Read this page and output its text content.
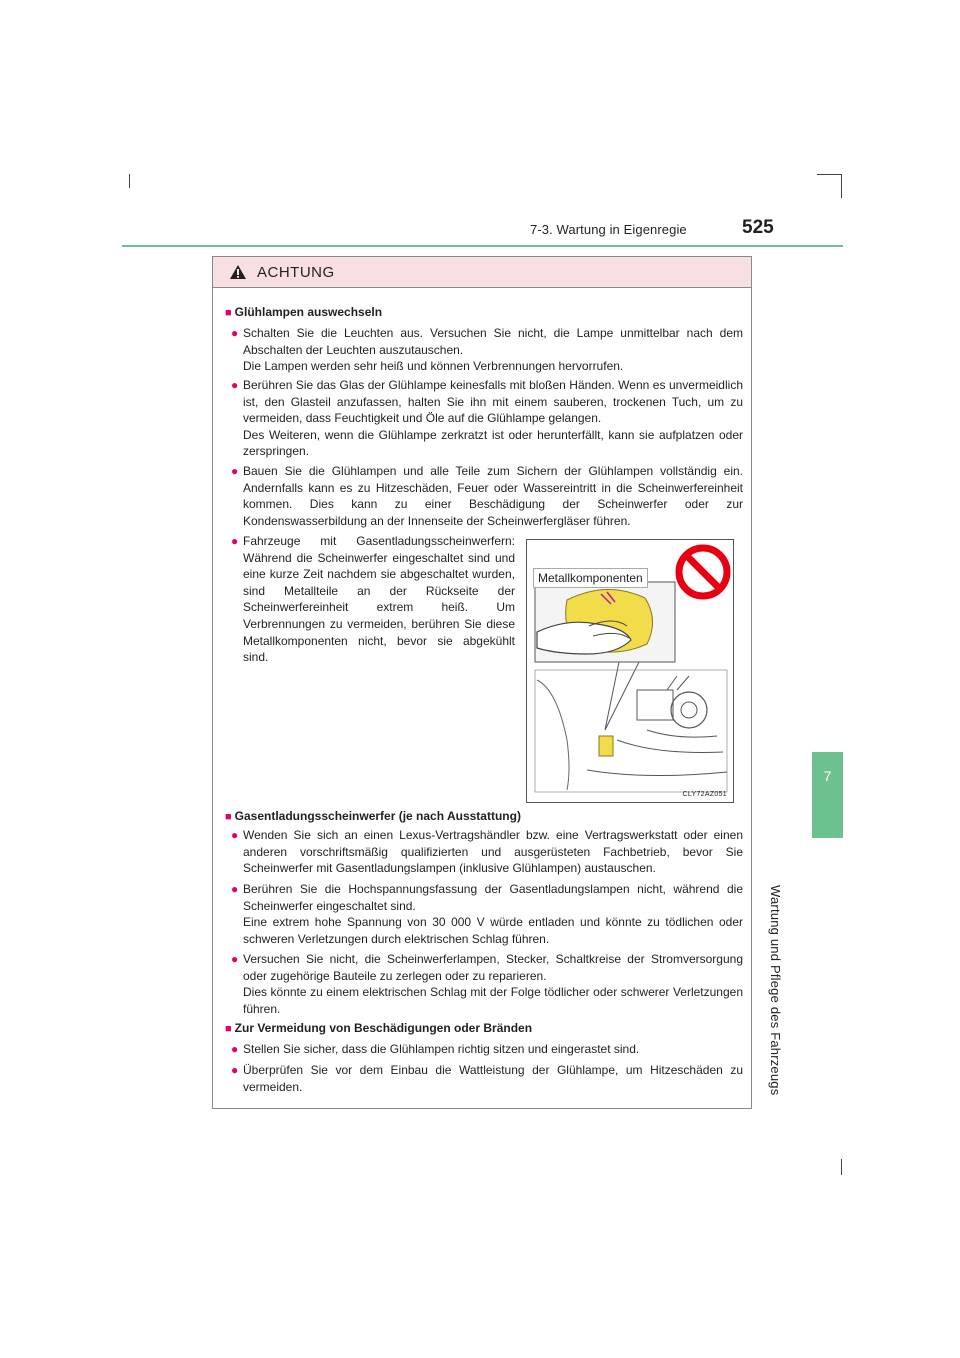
7-3. Wartung in Eigenregie	525
7
Wartung und Pflege des Fahrzeugs
ACHTUNG
■ Glühlampen auswechseln
● Schalten Sie die Leuchten aus. Versuchen Sie nicht, die Lampe unmittelbar nach dem Abschalten der Leuchten auszutauschen.

Die Lampen werden sehr heiß und können Verbrennungen hervorrufen.

● Berühren Sie das Glas der Glühlampe keinesfalls mit bloßen Händen. Wenn es unvermeidlich ist, den Glasteil anzufassen, halten Sie ihn mit einem sauberen, trockenen Tuch, um zu vermeiden, dass Feuchtigkeit und Öle auf die Glühlampe gelangen.

Des Weiteren, wenn die Glühlampe zerkratzt ist oder herunterfällt, kann sie aufplatzen oder zerspringen.

● Bauen Sie die Glühlampen und alle Teile zum Sichern der Glühlampen vollständig ein. Andernfalls kann es zu Hitzeschäden, Feuer oder Wassereintritt in die Scheinwerfereinheit kommen. Dies kann zu einer Beschädigung der Scheinwerfer oder zur Kondenswasserbildung an der Innenseite der Scheinwerfergläser führen.

● Fahrzeuge mit Gasentladungsscheinwerfern: Während die Scheinwerfer eingeschaltet sind und eine kurze Zeit nachdem sie abgeschaltet wurden, sind Metallteile an der Rückseite der Scheinwerfereinheit extrem heiß. Um Verbrennungen zu vermeiden, berühren Sie diese Metallkomponenten nicht, bevor sie abgekühlt sind.

■ Gasentladungsscheinwerfer (je nach Ausstattung)
● Wenden Sie sich an einen Lexus-Vertragshändler bzw. eine Vertragswerkstatt oder einen anderen vorschriftsmäßig qualifizierten und ausgerüsteten Fachbetrieb, bevor Sie Scheinwerfer mit Gasentladungslampen (inklusive Glühlampen) austauschen.

● Berühren Sie die Hochspannungsfassung der Gasentladungslampen nicht, während die Scheinwerfer eingeschaltet sind.

Eine extrem hohe Spannung von 30 000 V würde entladen und könnte zu tödlichen oder schweren Verletzungen durch elektrischen Schlag führen.

● Versuchen Sie nicht, die Scheinwerferlampen, Stecker, Schaltkreise der Stromversorgung oder zugehörige Bauteile zu zerlegen oder zu reparieren.

Dies könnte zu einem elektrischen Schlag mit der Folge tödlicher oder schwerer Verletzungen führen.

■ Zur Vermeidung von Beschädigungen oder Bränden
● Stellen Sie sicher, dass die Glühlampen richtig sitzen und eingerastet sind.

● Überprüfen Sie vor dem Einbau die Wattleistung der Glühlampe, um Hitzeschäden zu vermeiden.

Metallkomponenten
CLY72AZ051
